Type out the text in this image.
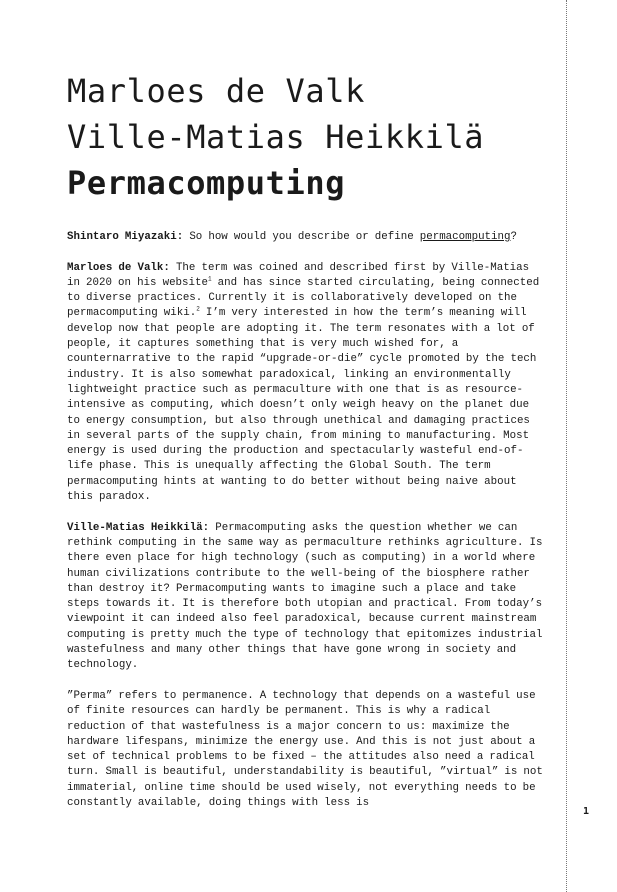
Marloes de Valk
Ville-Matias Heikkilä
Permacomputing

Shintaro Miyazaki: So how would you describe or define permacomputing?

Marloes de Valk: The term was coined and described first by Ville-Matias in 2020 on his website$^1$ and has since started circulating, being connected to diverse practices. Currently it is collaboratively developed on the permacomputing wiki.$^2$ I’m very interested in how the term’s meaning will develop now that people are adopting it. The term resonates with a lot of people, it captures something that is very much wished for, a counternarrative to the rapid “upgrade-or-die” cycle promoted by the tech industry. It is also somewhat paradoxical, linking an environmentally lightweight practice such as permaculture with one that is as resource-intensive as computing, which doesn’t only weigh heavy on the planet due to energy consumption, but also through unethical and damaging practices in several parts of the supply chain, from mining to manufacturing. Most energy is used during the production and spectacularly wasteful end-of-life phase. This is unequally affecting the Global South. The term permacomputing hints at wanting to do better without being naive about this paradox.

Ville-Matias Heikkilä: Permacomputing asks the question whether we can rethink computing in the same way as permaculture rethinks agriculture. Is there even place for high technology (such as computing) in a world where human civilizations contribute to the well-being of the biosphere rather than destroy it? Permacomputing wants to imagine such a place and take steps towards it. It is therefore both utopian and practical. From today’s viewpoint it can indeed also feel paradoxical, because current mainstream computing is pretty much the type of technology that epitomizes industrial wastefulness and many other things that have gone wrong in society and technology.

”Perma” refers to permanence. A technology that depends on a wasteful use of finite resources can hardly be permanent. This is why a radical reduction of that wastefulness is a major concern to us: maximize the hardware lifespans, minimize the energy use. And this is not just about a set of technical problems to be fixed – the attitudes also need a radical turn. Small is beautiful, understandability is beautiful, ”virtual” is not immaterial, online time should be used wisely, not everything needs to be constantly available, doing things with less is

1
